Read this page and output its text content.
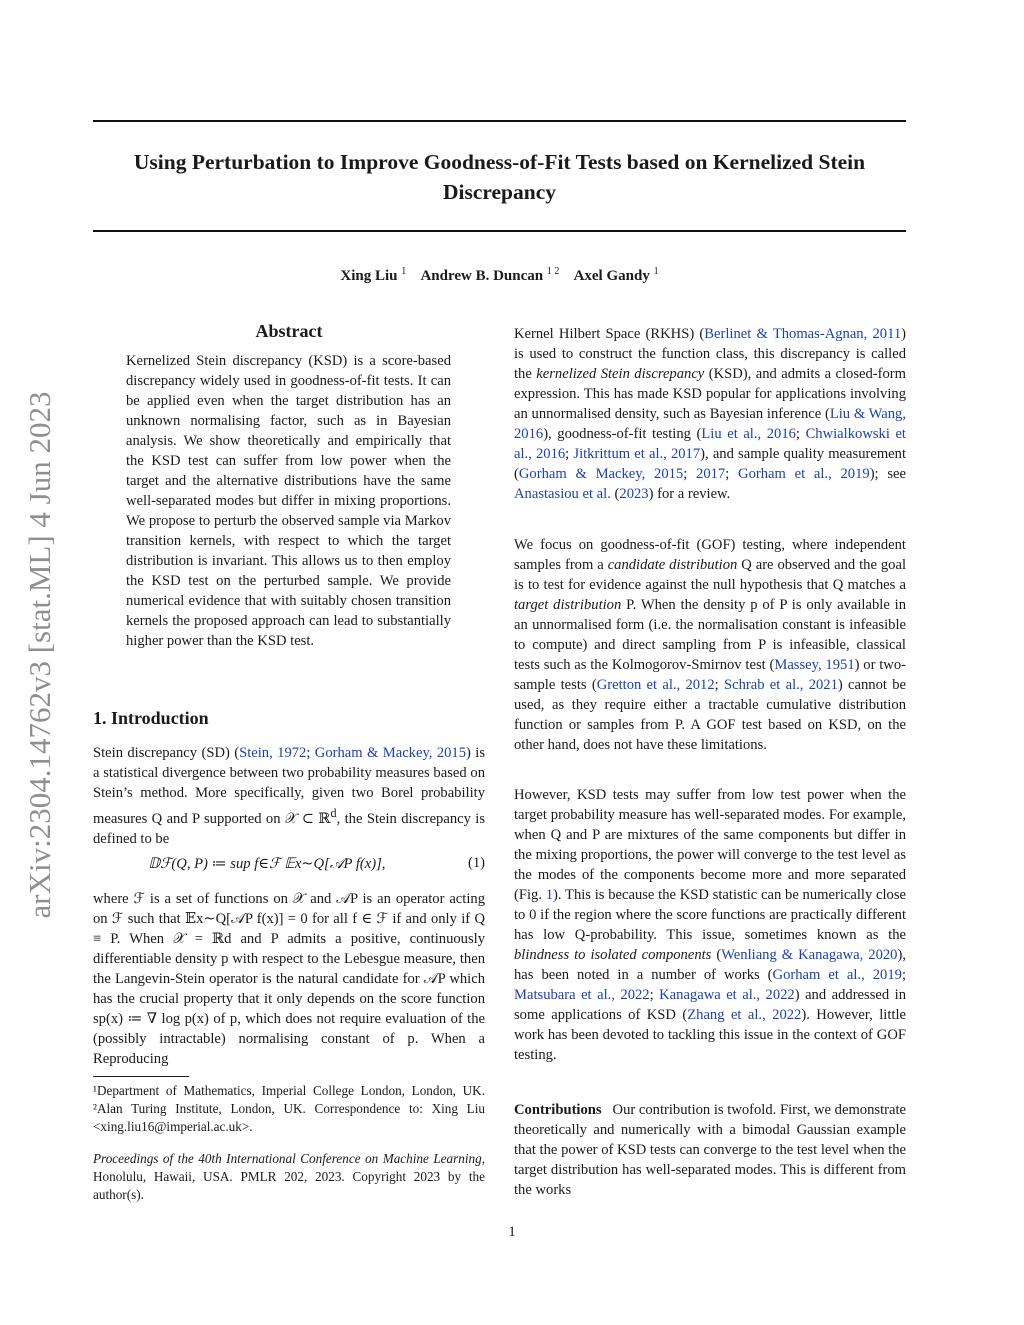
arXiv:2304.14762v3 [stat.ML] 4 Jun 2023
Using Perturbation to Improve Goodness-of-Fit Tests based on Kernelized Stein
Discrepancy
Xing Liu $^1$ Andrew B. Duncan $^{1 2}$ Axel Gandy $^1$
Abstract
Kernelized Stein discrepancy (KSD) is a score-based discrepancy widely used in goodness-of-fit tests. It can be applied even when the target distribution has an unknown normalising factor, such as in Bayesian analysis. We show theoretically and empirically that the KSD test can suffer from low power when the target and the alternative distributions have the same well-separated modes but differ in mixing proportions. We propose to perturb the observed sample via Markov transition kernels, with respect to which the target distribution is invariant. This allows us to then employ the KSD test on the perturbed sample. We provide numerical evidence that with suitably chosen transition kernels the proposed approach can lead to substantially higher power than the KSD test.
1. Introduction

Stein discrepancy (SD) (Stein, 1972; Gorham & Mackey, 2015) is a statistical divergence between two probability measures based on Stein’s method. More specifically, given two Borel probability measures Q and P supported on 𝒳 ⊂ ℝ$^d$, the Stein discrepancy is defined to be

𝔻ℱ(Q, P) ≔ sup f∈ℱ 𝔼x∼Q[𝒜P f(x)],	(1)
where ℱ is a set of functions on 𝒳 and 𝒜P is an operator acting on ℱ such that 𝔼x∼Q[𝒜P f(x)] = 0 for all f ∈ ℱ if and only if Q ≡ P. When 𝒳 = ℝd and P admits a positive, continuously differentiable density p with respect to the Lebesgue measure, then the Langevin-Stein operator is the natural candidate for 𝒜P which has the crucial property that it only depends on the score function sp(x) ≔ ∇ log p(x) of p, which does not require evaluation of the (possibly intractable) normalising constant of p. When a Reproducing
¹Department of Mathematics, Imperial College London, London, UK. ²Alan Turing Institute, London, UK. Correspondence to: Xing Liu <xing.liu16@imperial.ac.uk>.
Proceedings of the 40th International Conference on Machine Learning, Honolulu, Hawaii, USA. PMLR 202, 2023. Copyright 2023 by the author(s).

Kernel Hilbert Space (RKHS) (Berlinet & Thomas-Agnan, 2011) is used to construct the function class, this discrepancy is called the kernelized Stein discrepancy (KSD), and admits a closed-form expression. This has made KSD popular for applications involving an unnormalised density, such as Bayesian inference (Liu & Wang, 2016), goodness-of-fit testing (Liu et al., 2016; Chwialkowski et al., 2016; Jitkrittum et al., 2017), and sample quality measurement (Gorham & Mackey, 2015; 2017; Gorham et al., 2019); see Anastasiou et al. (2023) for a review.

We focus on goodness-of-fit (GOF) testing, where independent samples from a candidate distribution Q are observed and the goal is to test for evidence against the null hypothesis that Q matches a target distribution P. When the density p of P is only available in an unnormalised form (i.e. the normalisation constant is infeasible to compute) and direct sampling from P is infeasible, classical tests such as the Kolmogorov-Smirnov test (Massey, 1951) or two-sample tests (Gretton et al., 2012; Schrab et al., 2021) cannot be used, as they require either a tractable cumulative distribution function or samples from P. A GOF test based on KSD, on the other hand, does not have these limitations.

However, KSD tests may suffer from low test power when the target probability measure has well-separated modes. For example, when Q and P are mixtures of the same components but differ in the mixing proportions, the power will converge to the test level as the modes of the components become more and more separated (Fig. 1). This is because the KSD statistic can be numerically close to 0 if the region where the score functions are practically different has low Q-probability. This issue, sometimes known as the blindness to isolated components (Wenliang & Kanagawa, 2020), has been noted in a number of works (Gorham et al., 2019; Matsubara et al., 2022; Kanagawa et al., 2022) and addressed in some applications of KSD (Zhang et al., 2022). However, little work has been devoted to tackling this issue in the context of GOF testing.

Contributions Our contribution is twofold. First, we demonstrate theoretically and numerically with a bimodal Gaussian example that the power of KSD tests can converge to the test level when the target distribution has well-separated modes. This is different from the works

1
